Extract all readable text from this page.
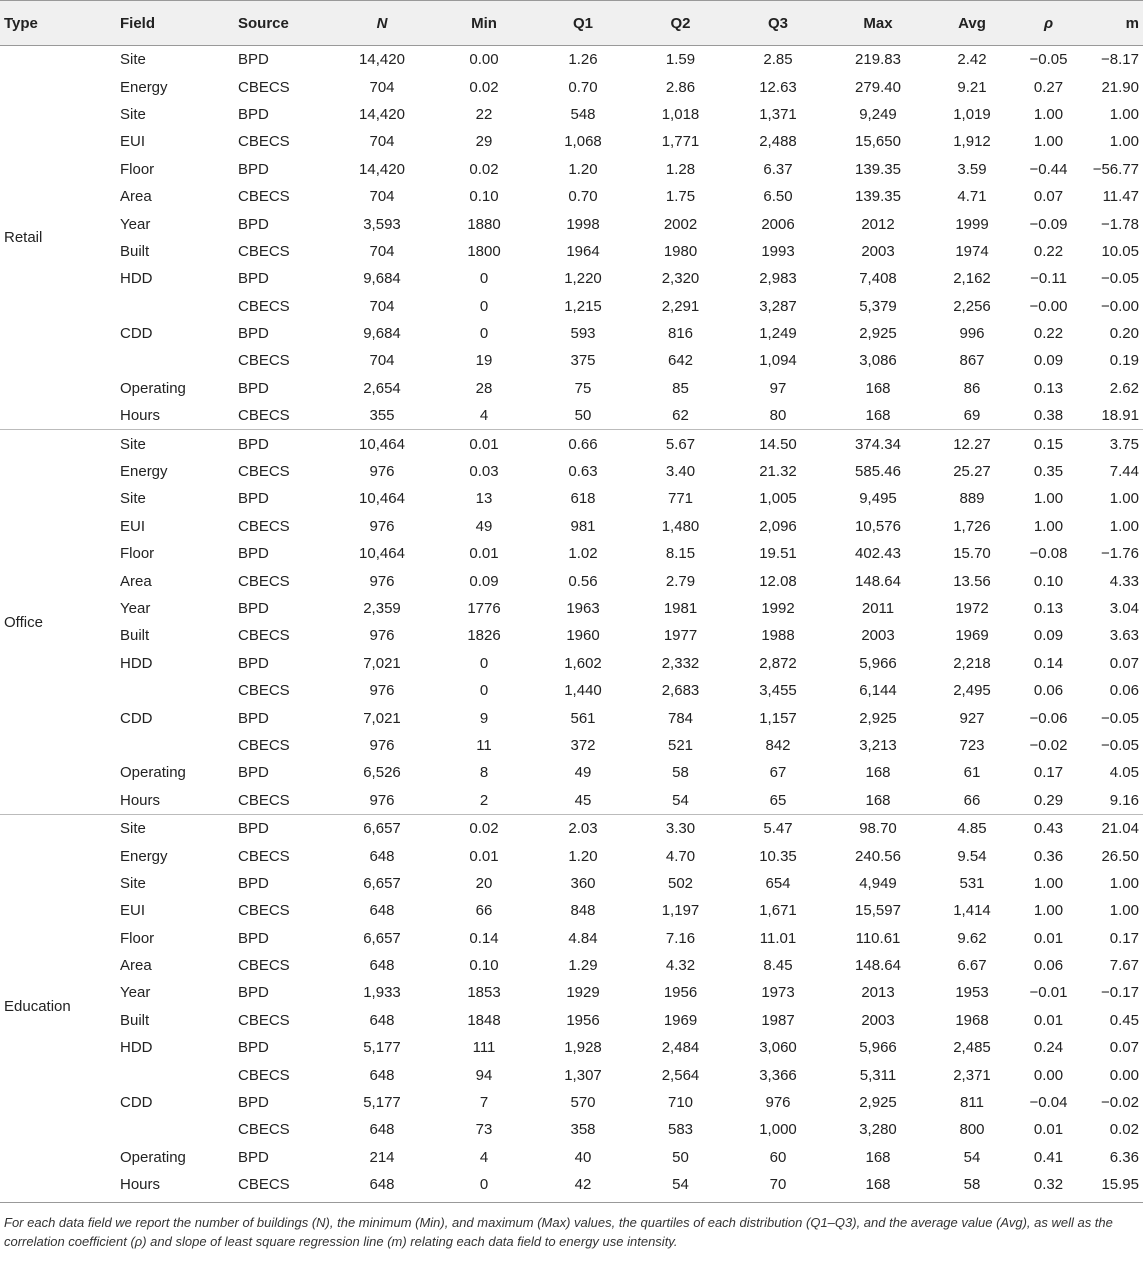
Type	Field	Source	N	Min	Q1	Q2	Q3	Max	Avg	ρ	m
Retail	Site	BPD	14,420	0.00	1.26	1.59	2.85	219.83	2.42	−0.05	−8.17
	Energy	CBECS	704	0.02	0.70	2.86	12.63	279.40	9.21	0.27	21.90
	Site	BPD	14,420	22	548	1,018	1,371	9,249	1,019	1.00	1.00
	EUI	CBECS	704	29	1,068	1,771	2,488	15,650	1,912	1.00	1.00
	Floor	BPD	14,420	0.02	1.20	1.28	6.37	139.35	3.59	−0.44	−56.77
	Area	CBECS	704	0.10	0.70	1.75	6.50	139.35	4.71	0.07	11.47
	Year	BPD	3,593	1880	1998	2002	2006	2012	1999	−0.09	−1.78
	Built	CBECS	704	1800	1964	1980	1993	2003	1974	0.22	10.05
	HDD	BPD	9,684	0	1,220	2,320	2,983	7,408	2,162	−0.11	−0.05
		CBECS	704	0	1,215	2,291	3,287	5,379	2,256	−0.00	−0.00
	CDD	BPD	9,684	0	593	816	1,249	2,925	996	0.22	0.20
		CBECS	704	19	375	642	1,094	3,086	867	0.09	0.19
	Operating	BPD	2,654	28	75	85	97	168	86	0.13	2.62
	Hours	CBECS	355	4	50	62	80	168	69	0.38	18.91
Office	Site	BPD	10,464	0.01	0.66	5.67	14.50	374.34	12.27	0.15	3.75
	Energy	CBECS	976	0.03	0.63	3.40	21.32	585.46	25.27	0.35	7.44
	Site	BPD	10,464	13	618	771	1,005	9,495	889	1.00	1.00
	EUI	CBECS	976	49	981	1,480	2,096	10,576	1,726	1.00	1.00
	Floor	BPD	10,464	0.01	1.02	8.15	19.51	402.43	15.70	−0.08	−1.76
	Area	CBECS	976	0.09	0.56	2.79	12.08	148.64	13.56	0.10	4.33
	Year	BPD	2,359	1776	1963	1981	1992	2011	1972	0.13	3.04
	Built	CBECS	976	1826	1960	1977	1988	2003	1969	0.09	3.63
	HDD	BPD	7,021	0	1,602	2,332	2,872	5,966	2,218	0.14	0.07
		CBECS	976	0	1,440	2,683	3,455	6,144	2,495	0.06	0.06
	CDD	BPD	7,021	9	561	784	1,157	2,925	927	−0.06	−0.05
		CBECS	976	11	372	521	842	3,213	723	−0.02	−0.05
	Operating	BPD	6,526	8	49	58	67	168	61	0.17	4.05
	Hours	CBECS	976	2	45	54	65	168	66	0.29	9.16
Education	Site	BPD	6,657	0.02	2.03	3.30	5.47	98.70	4.85	0.43	21.04
	Energy	CBECS	648	0.01	1.20	4.70	10.35	240.56	9.54	0.36	26.50
	Site	BPD	6,657	20	360	502	654	4,949	531	1.00	1.00
	EUI	CBECS	648	66	848	1,197	1,671	15,597	1,414	1.00	1.00
	Floor	BPD	6,657	0.14	4.84	7.16	11.01	110.61	9.62	0.01	0.17
	Area	CBECS	648	0.10	1.29	4.32	8.45	148.64	6.67	0.06	7.67
	Year	BPD	1,933	1853	1929	1956	1973	2013	1953	−0.01	−0.17
	Built	CBECS	648	1848	1956	1969	1987	2003	1968	0.01	0.45
	HDD	BPD	5,177	111	1,928	2,484	3,060	5,966	2,485	0.24	0.07
		CBECS	648	94	1,307	2,564	3,366	5,311	2,371	0.00	0.00
	CDD	BPD	5,177	7	570	710	976	2,925	811	−0.04	−0.02
		CBECS	648	73	358	583	1,000	3,280	800	0.01	0.02
	Operating	BPD	214	4	40	50	60	168	54	0.41	6.36
	Hours	CBECS	648	0	42	54	70	168	58	0.32	15.95
For each data field we report the number of buildings (N), the minimum (Min), and maximum (Max) values, the quartiles of each distribution (Q1–Q3), and the average value (Avg), as well as the correlation coefficient (ρ) and slope of least square regression line (m) relating each data field to energy use intensity.
